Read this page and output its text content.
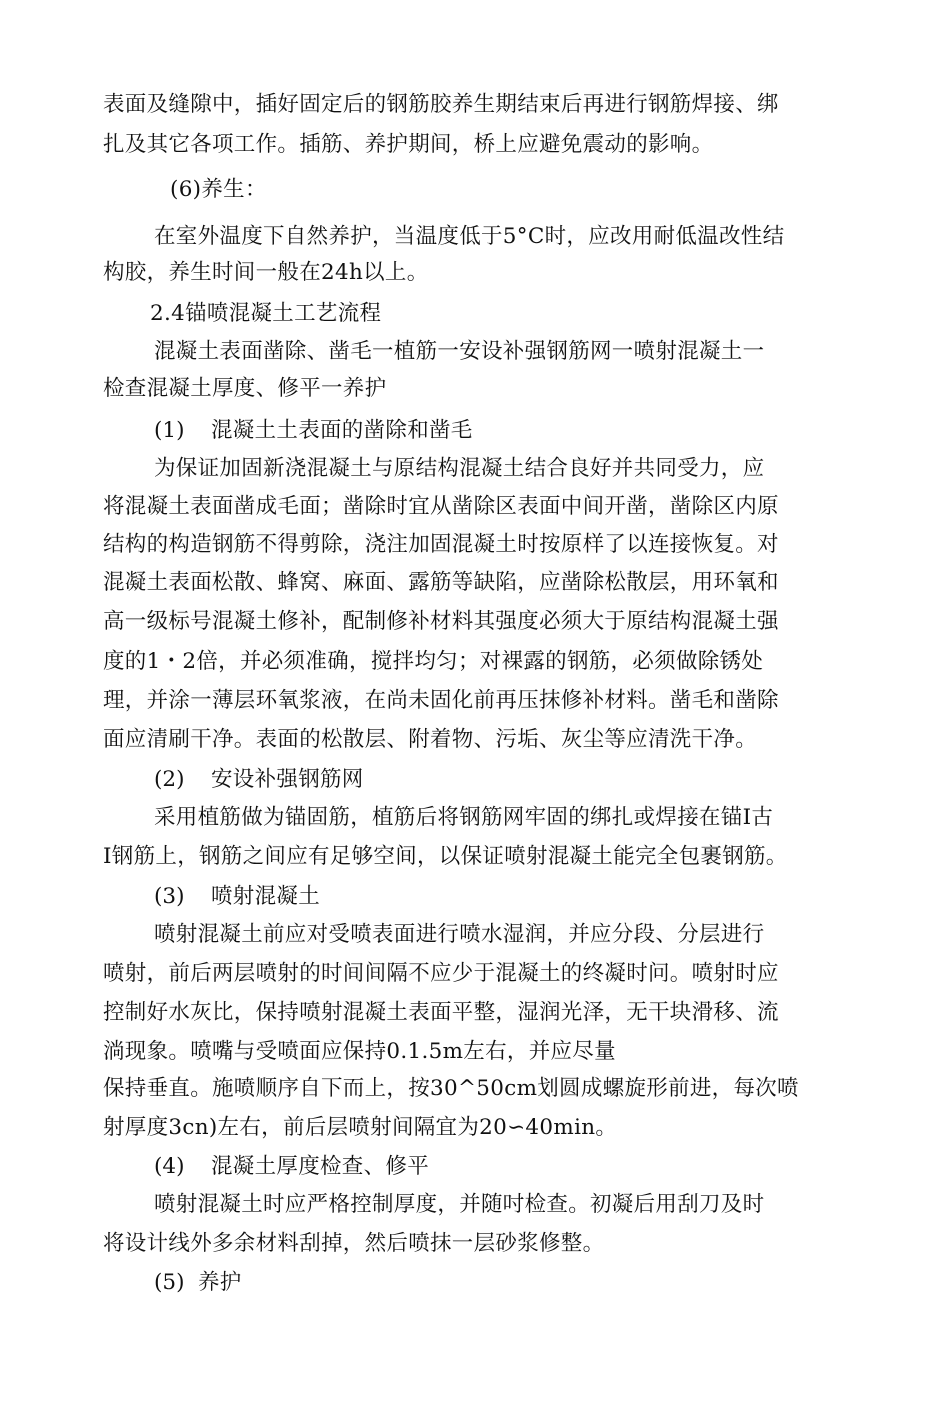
表面及缝隙中，插好固定后的钢筋胶养生期结束后再进行钢筋焊接、绑
扎及其它各项工作。插筋、养护期间，桥上应避免震动的影响。
(6)养生：
在室外温度下自然养护，当温度低于5°C时，应改用耐低温改性结
构胶，养生时间一般在24h以上。
2.4锚喷混凝土工艺流程
混凝土表面凿除、凿毛一植筋一安设补强钢筋网一喷射混凝土一
检查混凝土厚度、修平一养护
(1) 混凝土土表面的凿除和凿毛
为保证加固新浇混凝土与原结构混凝土结合良好并共同受力，应
将混凝土表面凿成毛面；凿除时宜从凿除区表面中间开凿，凿除区内原
结构的构造钢筋不得剪除，浇注加固混凝土时按原样了以连接恢复。对
混凝土表面松散、蜂窝、麻面、露筋等缺陷，应凿除松散层，用环氧和
高一级标号混凝土修补，配制修补材料其强度必须大于原结构混凝土强
度的1・2倍，并必须准确，搅拌均匀；对裸露的钢筋，必须做除锈处
理，并涂一薄层环氧浆液，在尚未固化前再压抹修补材料。凿毛和凿除
面应清刷干净。表面的松散层、附着物、污垢、灰尘等应清洗干净。
(2) 安设补强钢筋网
采用植筋做为锚固筋，植筋后将钢筋网牢固的绑扎或焊接在锚I古
I钢筋上，钢筋之间应有足够空间，以保证喷射混凝土能完全包裹钢筋。
(3) 喷射混凝土
喷射混凝土前应对受喷表面进行喷水湿润，并应分段、分层进行
喷射，前后两层喷射的时间间隔不应少于混凝土的终凝时问。喷射时应
控制好水灰比，保持喷射混凝土表面平整，湿润光泽，无干块滑移、流
淌现象。喷嘴与受喷面应保持0.1.5m左右，并应尽量
保持垂直。施喷顺序自下而上，按30^50cm划圆成螺旋形前进，每次喷
射厚度3cn)左右，前后层喷射间隔宜为20∽40min。
(4) 混凝土厚度检查、修平
喷射混凝土时应严格控制厚度，并随吋检查。初凝后用刮刀及时
将设计线外多余材料刮掉，然后喷抹一层砂浆修整。
(5) 养护
